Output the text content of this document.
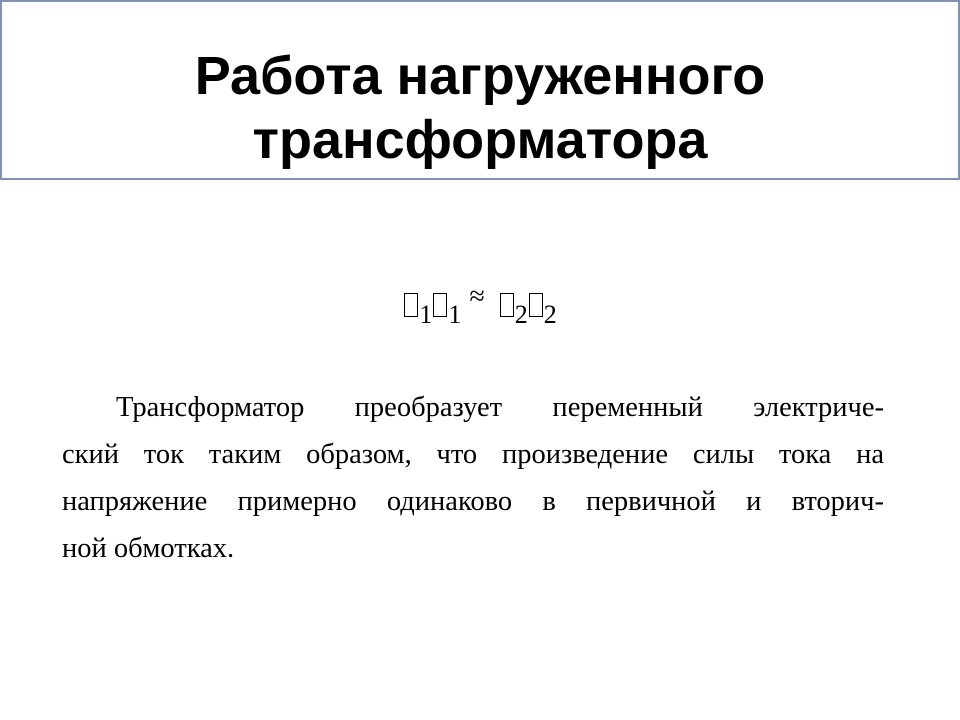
Работа нагруженного
трансформатора
1 1≈2 2
Трансформатор преобразует переменный электриче-
ский ток таким образом, что произведение силы тока на
напряжение примерно одинаково в первичной и вторич-
ной обмотках.
